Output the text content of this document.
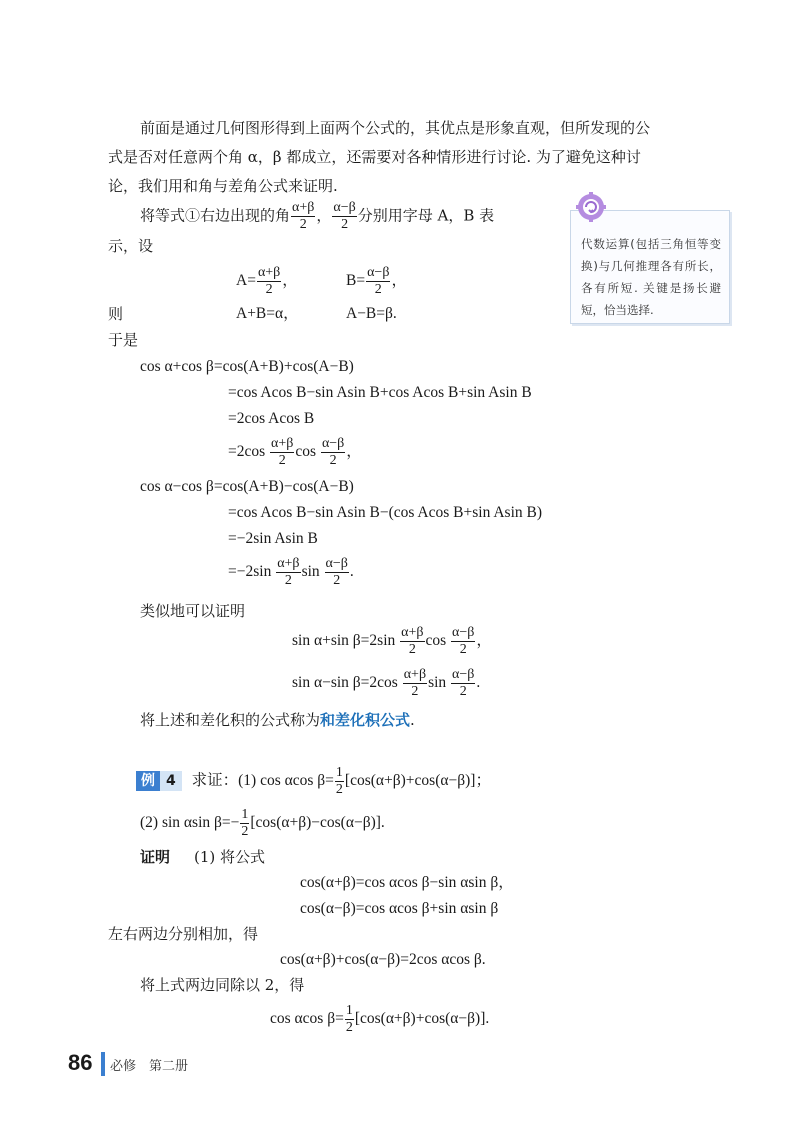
前面是通过几何图形得到上面两个公式的，其优点是形象直观，但所发现的公
式是否对任意两个角 α，β 都成立，还需要对各种情形进行讨论. 为了避免这种讨
论，我们用和角与差角公式来证明.
将等式①右边出现的角 $\frac{\alpha+\beta}{2}$ ， $\frac{\alpha-\beta}{2}$ 分别用字母 A，B 表
示，设
$A= \frac{\alpha+\beta}{2}$ ，	$B= \frac{\alpha-\beta}{2}$ ，
则	A+B=α，	A−B=β.
于是
cos α+cos β=cos(A+B)+cos(A−B)
=cos Acos B−sin Asin B+cos Acos B+sin Asin B
=2cos Acos B
$=2\cos \frac{\alpha+\beta}{2}$ $\cos \frac{\alpha-\beta}{2}$ ，
cos α−cos β=cos(A+B)−cos(A−B)
=cos Acos B−sin Asin B−(cos Acos B+sin Asin B)
=−2sin Asin B
$=-2\sin \frac{\alpha+\beta}{2}$ $\sin \frac{\alpha-\beta}{2}$ .
类似地可以证明
sin α+sin $\beta=2\sin \frac{\alpha+\beta}{2}$ $\cos \frac{\alpha-\beta}{2}$ ，
sin α−sin $\beta=2\cos \frac{\alpha+\beta}{2}$ $\sin \frac{\alpha-\beta}{2}$ .
将上述和差化积的公式称为和差化积公式.
代数运算(包括三角恒等变换)与几何推理各有所长，各有所短. 关键是扬长避短，恰当选择.
例 4 求证：(1) cos αcos $\beta= \frac{1}{2} [\cos(\alpha+\beta)+\cos(\alpha-\beta)]$；
(2) sin αsin $\beta=- \frac{1}{2} [\cos(\alpha+\beta)-\cos(\alpha-\beta)]$.
证明 (1) 将公式
cos(α+β)=cos αcos β−sin αsin β，
cos(α−β)=cos αcos β+sin αsin β
左右两边分别相加，得
cos(α+β)+cos(α−β)=2cos αcos β.
将上式两边同除以 2，得
cos αcos $\beta= \frac{1}{2} [\cos(\alpha+\beta)+\cos(\alpha-\beta)]$.
86 必修　第二册
